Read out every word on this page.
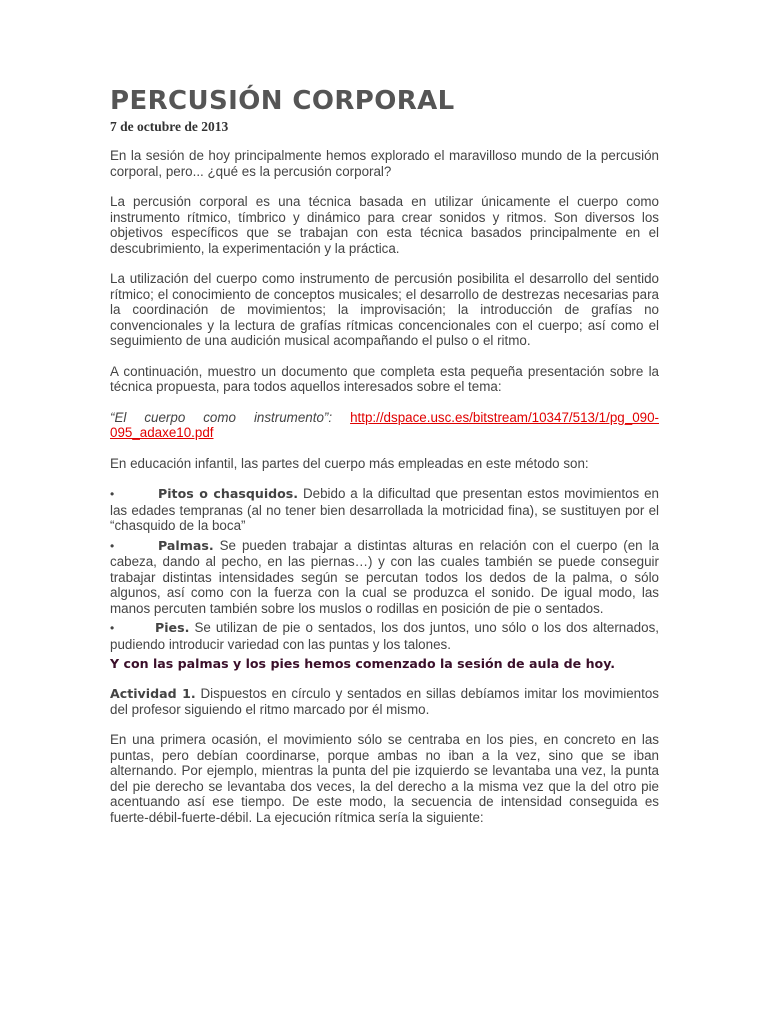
PERCUSIÓN CORPORAL
7 de octubre de 2013

En la sesión de hoy principalmente hemos explorado el maravilloso mundo de la percusión corporal, pero... ¿qué es la percusión corporal?

La percusión corporal es una técnica basada en utilizar únicamente el cuerpo como instrumento rítmico, tímbrico y dinámico para crear sonidos y ritmos. Son diversos los objetivos específicos que se trabajan con esta técnica basados principalmente en el descubrimiento, la experimentación y la práctica.

La utilización del cuerpo como instrumento de percusión posibilita el desarrollo del sentido rítmico; el conocimiento de conceptos musicales; el desarrollo de destrezas necesarias para la coordinación de movimientos; la improvisación; la introducción de grafías no convencionales y la lectura de grafías rítmicas concencionales con el cuerpo; así como el seguimiento de una audición musical acompañando el pulso o el ritmo.

A continuación, muestro un documento que completa esta pequeña presentación sobre la técnica propuesta, para todos aquellos interesados sobre el tema:

“El cuerpo como instrumento”: http://dspace.usc.es/bitstream/10347/513/1/pg_090-095_adaxe10.pdf

En educación infantil, las partes del cuerpo más empleadas en este método son:

•	Pitos o chasquidos. Debido a la dificultad que presentan estos movimientos en las edades tempranas (al no tener bien desarrollada la motricidad fina), se sustituyen por el “chasquido de la boca”
•	Palmas. Se pueden trabajar a distintas alturas en relación con el cuerpo (en la cabeza, dando al pecho, en las piernas…) y con las cuales también se puede conseguir trabajar distintas intensidades según se percutan todos los dedos de la palma, o sólo algunos, así como con la fuerza con la cual se produzca el sonido. De igual modo, las manos percuten también sobre los muslos o rodillas en posición de pie o sentados.
•	Pies. Se utilizan de pie o sentados, los dos juntos, uno sólo o los dos alternados, pudiendo introducir variedad con las puntas y los talones.
Y con las palmas y los pies hemos comenzado la sesión de aula de hoy.

Actividad 1. Dispuestos en círculo y sentados en sillas debíamos imitar los movimientos del profesor siguiendo el ritmo marcado por él mismo.

En una primera ocasión, el movimiento sólo se centraba en los pies, en concreto en las puntas, pero debían coordinarse, porque ambas no iban a la vez, sino que se iban alternando. Por ejemplo, mientras la punta del pie izquierdo se levantaba una vez, la punta del pie derecho se levantaba dos veces, la del derecho a la misma vez que la del otro pie acentuando así ese tiempo. De este modo, la secuencia de intensidad conseguida es fuerte-débil-fuerte-débil. La ejecución rítmica sería la siguiente:
